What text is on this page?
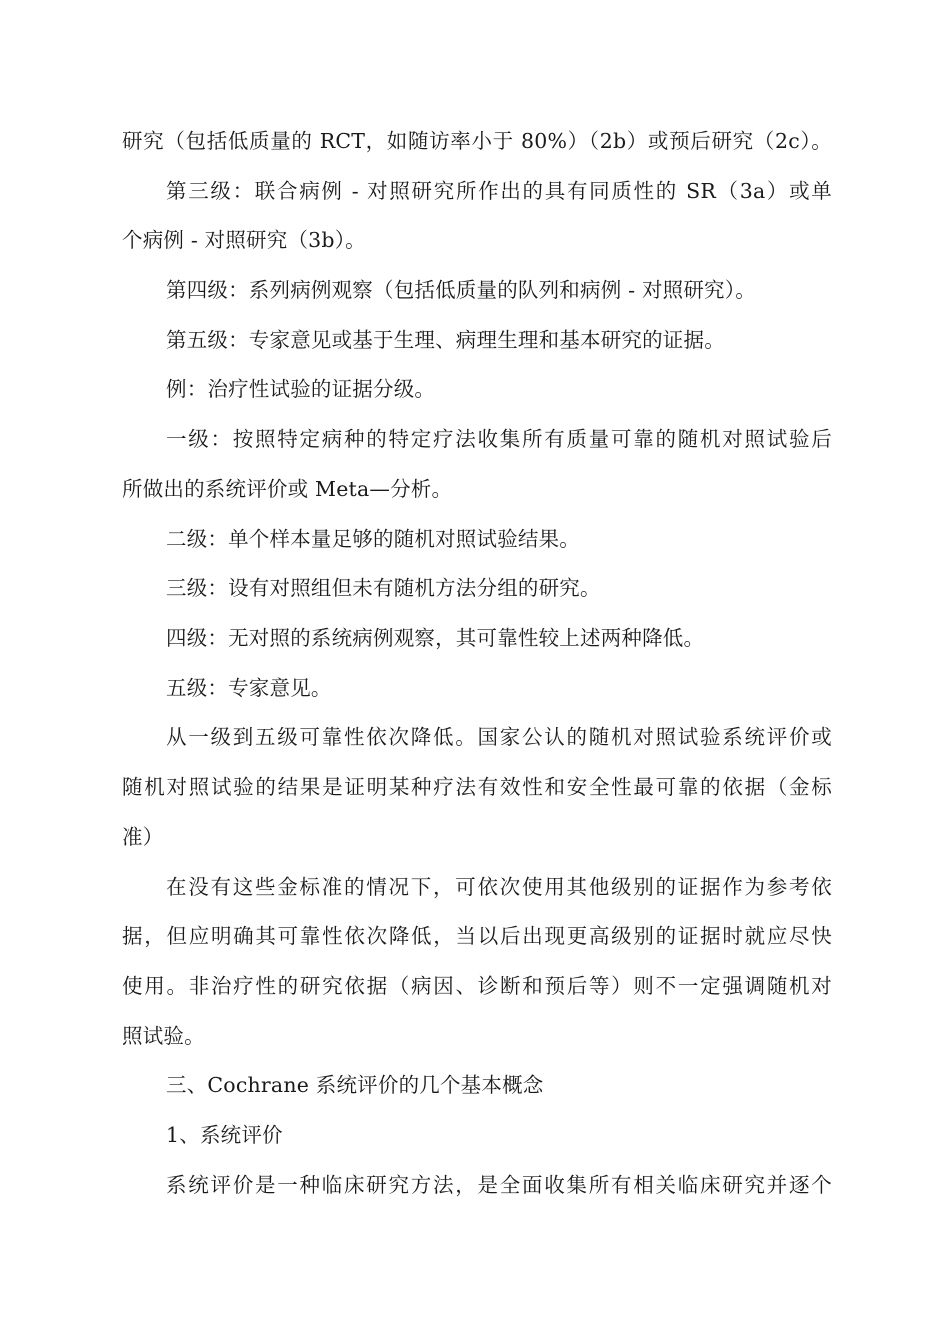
研究（包括低质量的 RCT，如随访率小于 80%）（2b）或预后研究（2c）。
第三级：联合病例 - 对照研究所作出的具有同质性的 SR（3a）或单
个病例 - 对照研究（3b）。
第四级：系列病例观察（包括低质量的队列和病例 - 对照研究）。
第五级：专家意见或基于生理、病理生理和基本研究的证据。
例：治疗性试验的证据分级。
一级：按照特定病种的特定疗法收集所有质量可靠的随机对照试验后
所做出的系统评价或 Meta—分析。
二级：单个样本量足够的随机对照试验结果。
三级：设有对照组但未有随机方法分组的研究。
四级：无对照的系统病例观察，其可靠性较上述两种降低。
五级：专家意见。
从一级到五级可靠性依次降低。国家公认的随机对照试验系统评价或
随机对照试验的结果是证明某种疗法有效性和安全性最可靠的依据（金标
准）
在没有这些金标准的情况下，可依次使用其他级别的证据作为参考依
据，但应明确其可靠性依次降低，当以后出现更高级别的证据时就应尽快
使用。非治疗性的研究依据（病因、诊断和预后等）则不一定强调随机对
照试验。
三、Cochrane 系统评价的几个基本概念
1、系统评价
系统评价是一种临床研究方法，是全面收集所有相关临床研究并逐个
